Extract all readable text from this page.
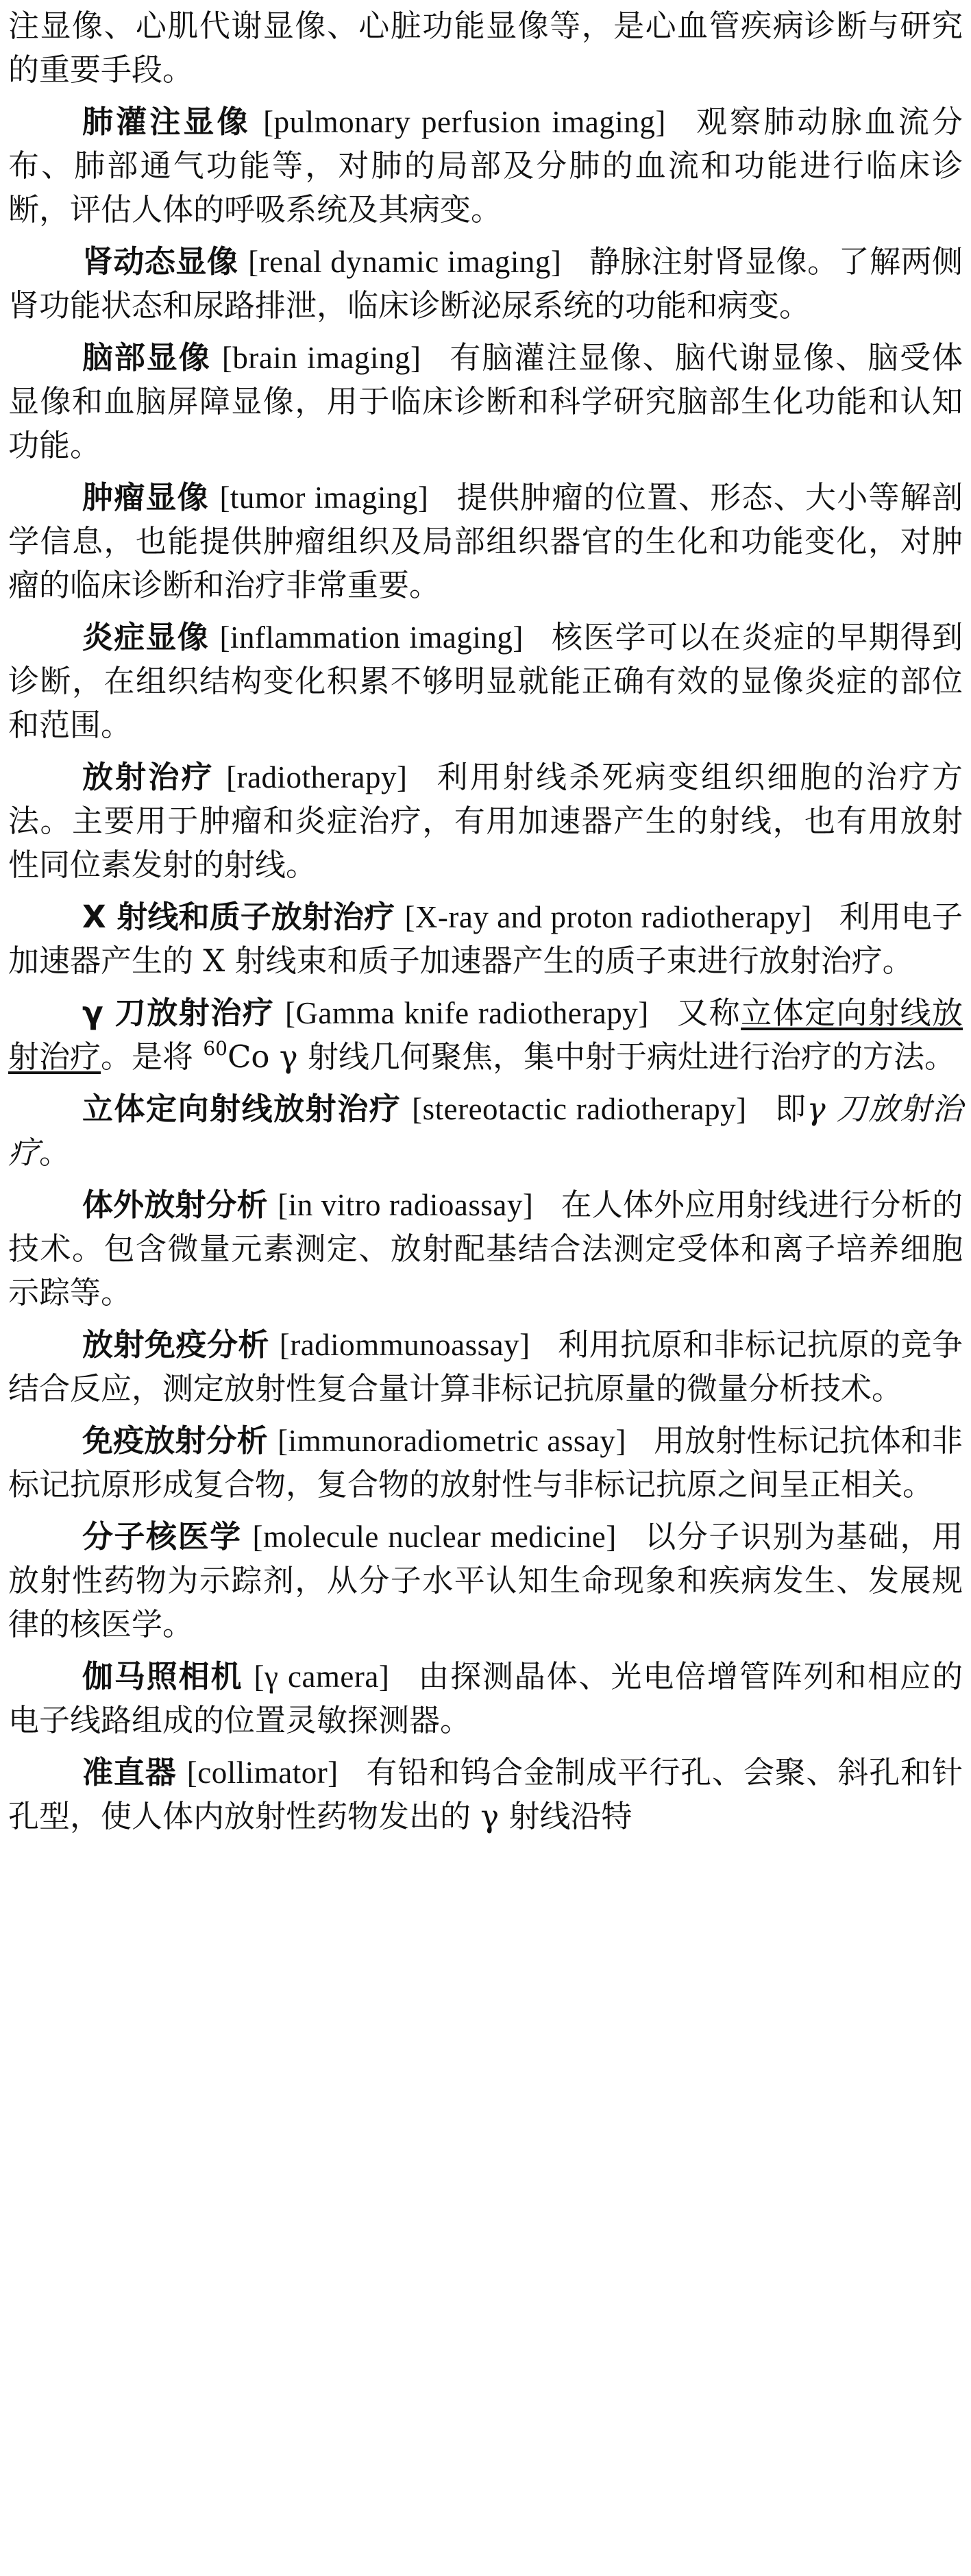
注显像、心肌代谢显像、心脏功能显像等，是心血管疾病诊断与研究的重要手段。

肺灌注显像 [pulmonary perfusion imaging] 观察肺动脉血流分布、肺部通气功能等，对肺的局部及分肺的血流和功能进行临床诊断，评估人体的呼吸系统及其病变。

肾动态显像 [renal dynamic imaging] 静脉注射肾显像。了解两侧肾功能状态和尿路排泄，临床诊断泌尿系统的功能和病变。

脑部显像 [brain imaging] 有脑灌注显像、脑代谢显像、脑受体显像和血脑屏障显像，用于临床诊断和科学研究脑部生化功能和认知功能。

肿瘤显像 [tumor imaging] 提供肿瘤的位置、形态、大小等解剖学信息，也能提供肿瘤组织及局部组织器官的生化和功能变化，对肿瘤的临床诊断和治疗非常重要。

炎症显像 [inflammation imaging] 核医学可以在炎症的早期得到诊断，在组织结构变化积累不够明显就能正确有效的显像炎症的部位和范围。

放射治疗 [radiotherapy] 利用射线杀死病变组织细胞的治疗方法。主要用于肿瘤和炎症治疗，有用加速器产生的射线，也有用放射性同位素发射的射线。

X 射线和质子放射治疗 [X-ray and proton radiotherapy] 利用电子加速器产生的 X 射线束和质子加速器产生的质子束进行放射治疗。

γ 刀放射治疗 [Gamma knife radiotherapy] 又称立体定向射线放射治疗。是将 $^{60}$Co γ 射线几何聚焦，集中射于病灶进行治疗的方法。

立体定向射线放射治疗 [stereotactic radiotherapy] 即γ 刀放射治疗。

体外放射分析 [in vitro radioassay] 在人体外应用射线进行分析的技术。包含微量元素测定、放射配基结合法测定受体和离子培养细胞示踪等。

放射免疫分析 [radiommunoassay] 利用抗原和非标记抗原的竞争结合反应，测定放射性复合量计算非标记抗原量的微量分析技术。

免疫放射分析 [immunoradiometric assay] 用放射性标记抗体和非标记抗原形成复合物，复合物的放射性与非标记抗原之间呈正相关。

分子核医学 [molecule nuclear medicine] 以分子识别为基础，用放射性药物为示踪剂，从分子水平认知生命现象和疾病发生、发展规律的核医学。

伽马照相机 [γ camera] 由探测晶体、光电倍增管阵列和相应的电子线路组成的位置灵敏探测器。

准直器 [collimator] 有铅和钨合金制成平行孔、会聚、斜孔和针孔型，使人体内放射性药物发出的 γ 射线沿特
